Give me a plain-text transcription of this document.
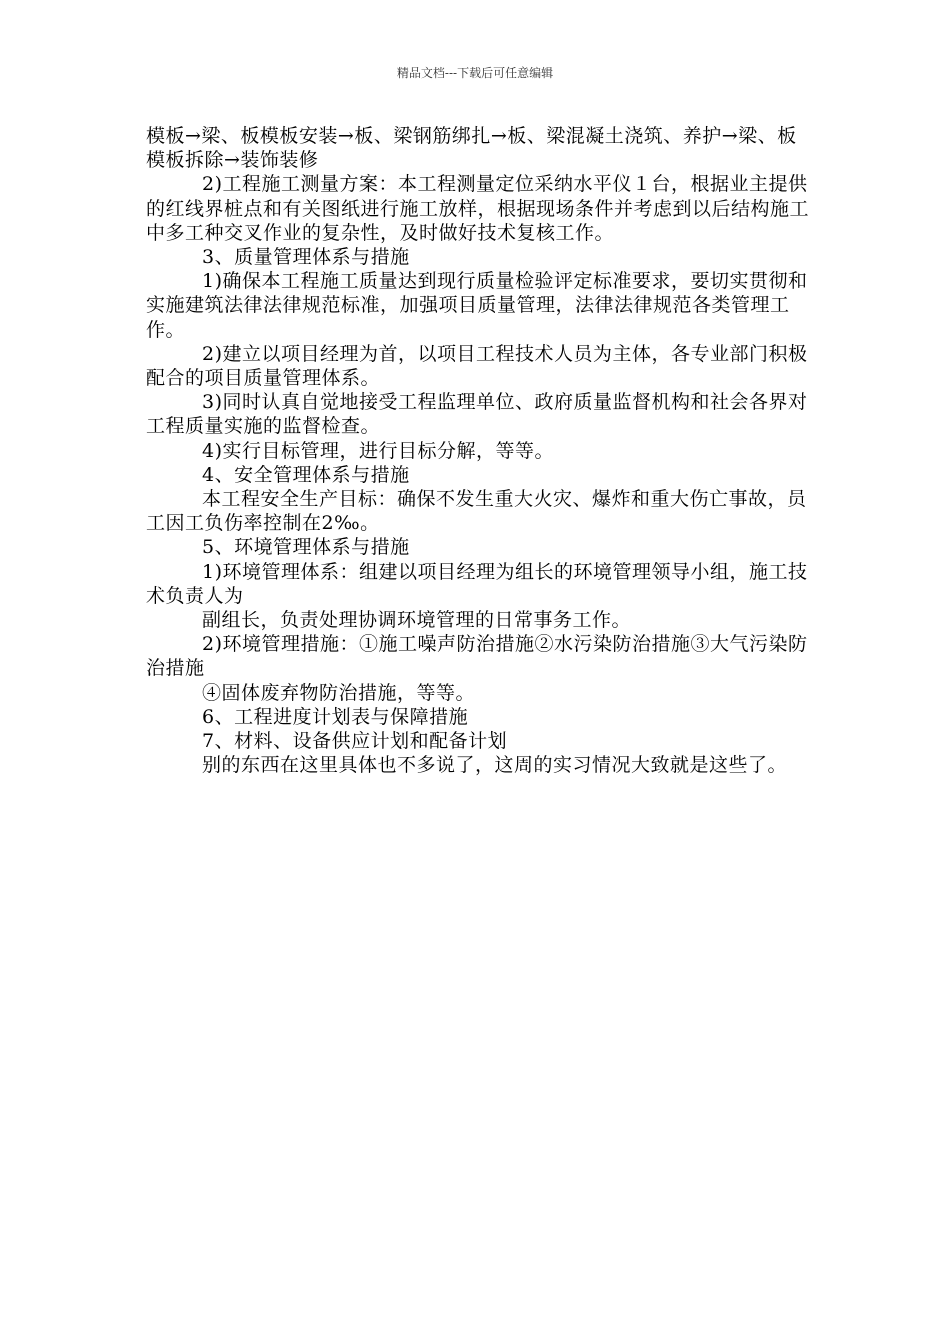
精品文档---下载后可任意编辑

模板→梁、板模板安装→板、梁钢筋绑扎→板、梁混凝土浇筑、养护→梁、板模板拆除→装饰装修

2)工程施工测量方案：本工程测量定位采纳水平仪１台，根据业主提供的红线界桩点和有关图纸进行施工放样，根据现场条件并考虑到以后结构施工中多工种交叉作业的复杂性，及时做好技术复核工作。

3、质量管理体系与措施

1)确保本工程施工质量达到现行质量检验评定标准要求，要切实贯彻和实施建筑法律法律规范标准，加强项目质量管理，法律法律规范各类管理工作。

2)建立以项目经理为首，以项目工程技术人员为主体，各专业部门积极配合的项目质量管理体系。

3)同时认真自觉地接受工程监理单位、政府质量监督机构和社会各界对工程质量实施的监督检查。

4)实行目标管理，进行目标分解，等等。

4、安全管理体系与措施

本工程安全生产目标：确保不发生重大火灾、爆炸和重大伤亡事故，员工因工负伤率控制在2‰。

5、环境管理体系与措施

1)环境管理体系：组建以项目经理为组长的环境管理领导小组，施工技术负责人为

副组长，负责处理协调环境管理的日常事务工作。

2)环境管理措施：①施工噪声防治措施②水污染防治措施③大气污染防治措施

④固体废弃物防治措施，等等。

6、工程进度计划表与保障措施

7、材料、设备供应计划和配备计划

别的东西在这里具体也不多说了，这周的实习情况大致就是这些了。
